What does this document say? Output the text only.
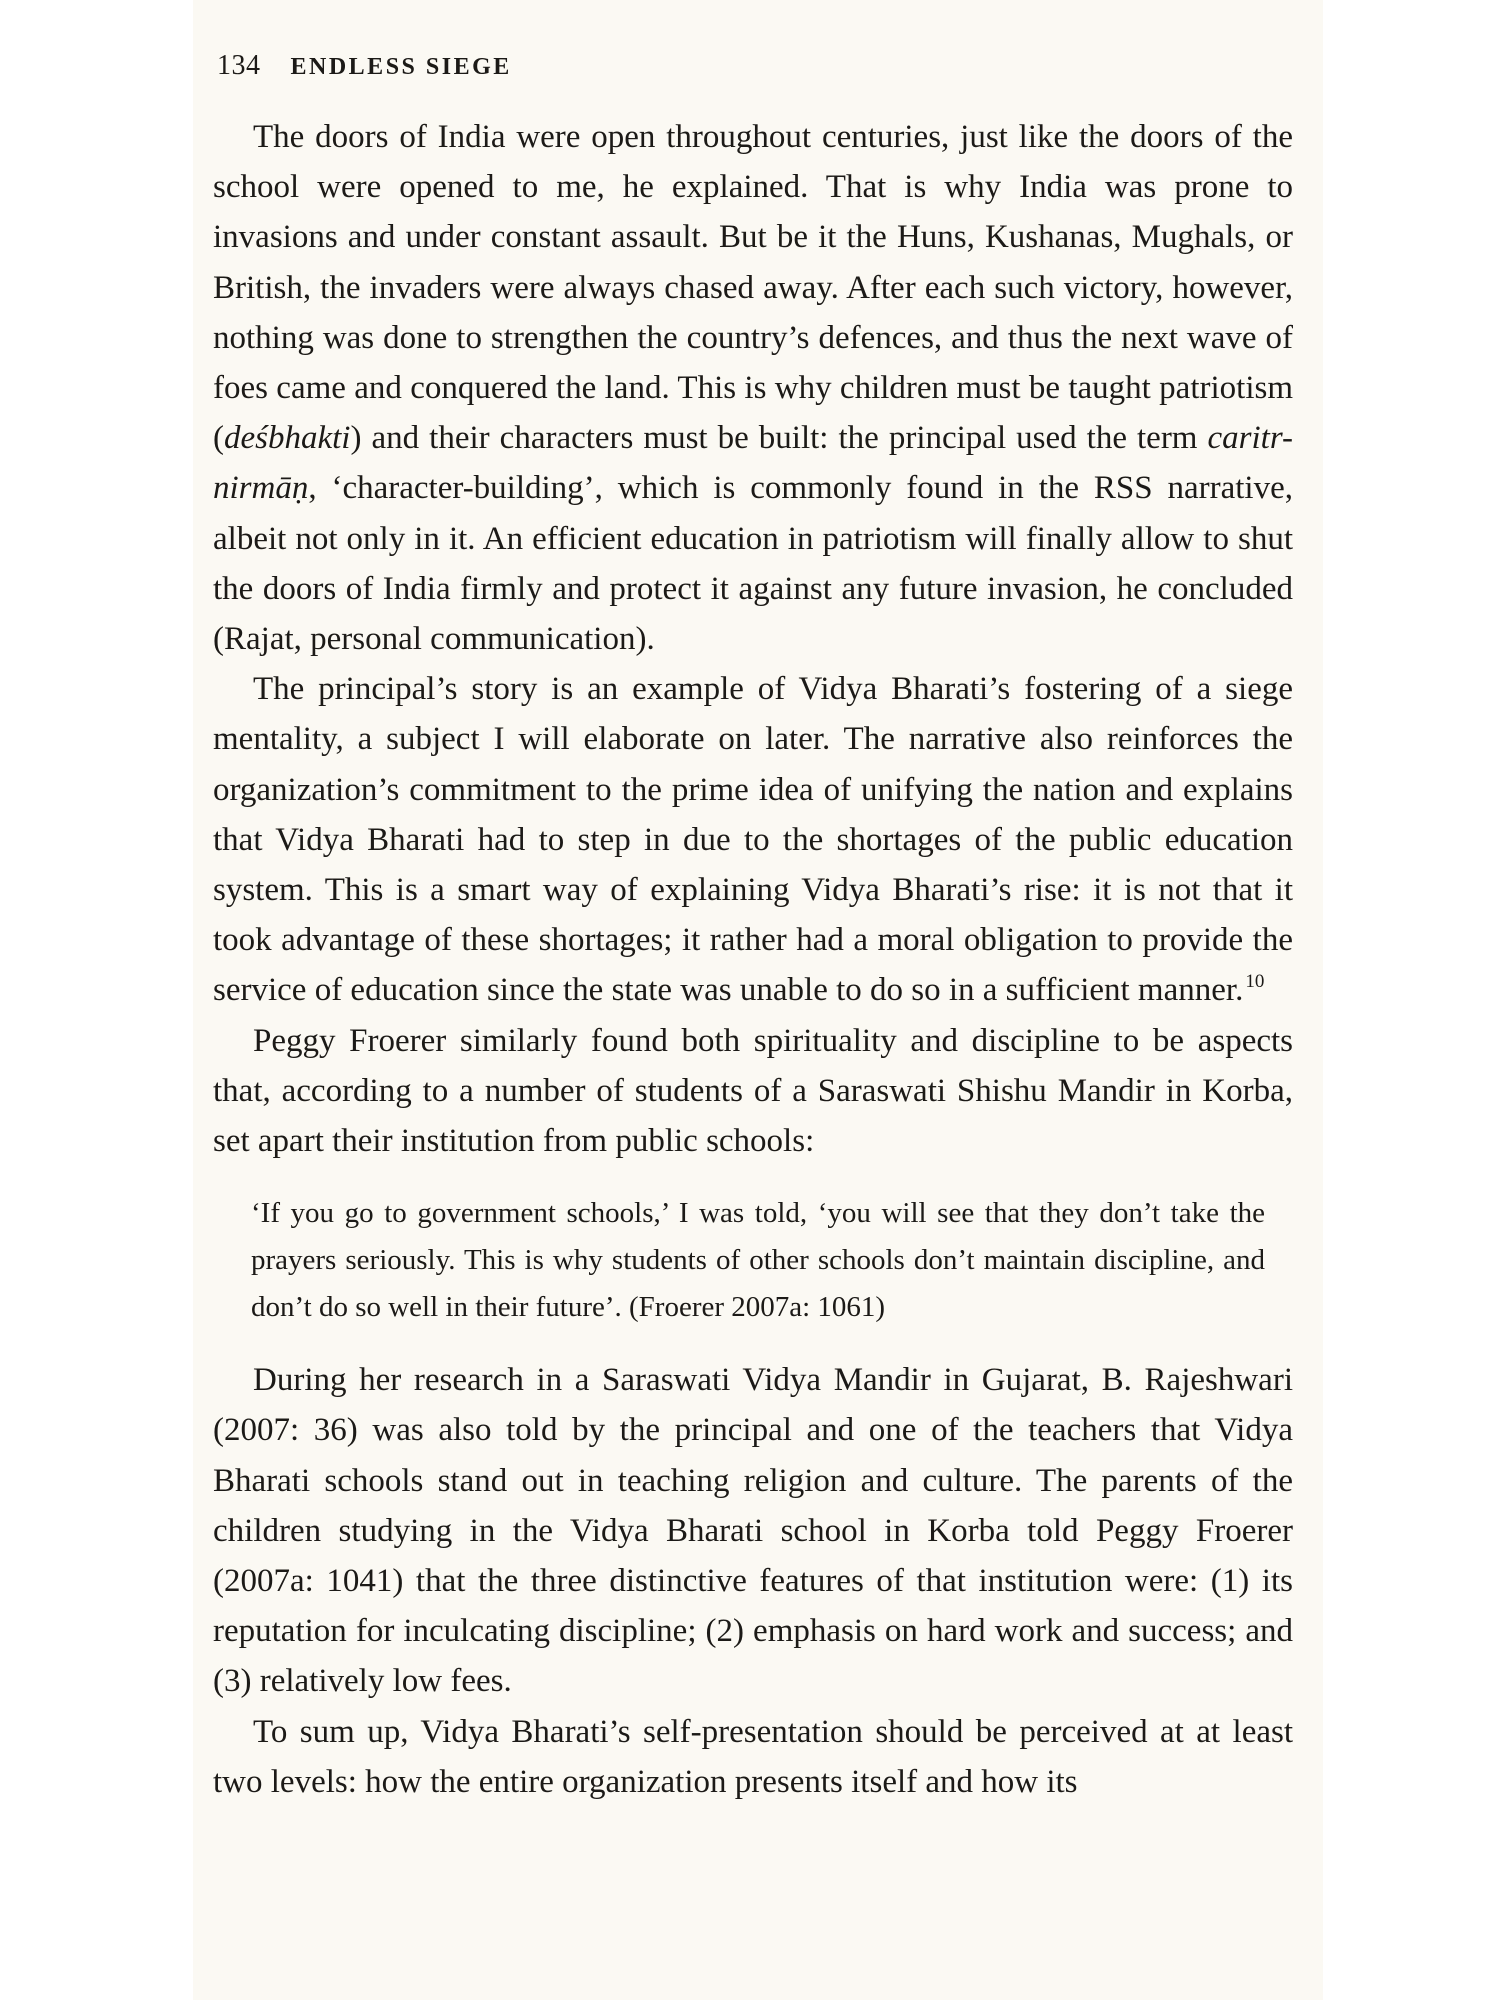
134 ENDLESS SIEGE

The doors of India were open throughout centuries, just like the doors of the school were opened to me, he explained. That is why India was prone to invasions and under constant assault. But be it the Huns, Kushanas, Mughals, or British, the invaders were always chased away. After each such victory, however, nothing was done to strengthen the country’s defences, and thus the next wave of foes came and conquered the land. This is why children must be taught patriotism (deśbhakti) and their characters must be built: the principal used the term caritr-nirmāṇ, ‘character-building’, which is commonly found in the RSS narrative, albeit not only in it. An efficient education in patriotism will finally allow to shut the doors of India firmly and protect it against any future invasion, he concluded (Rajat, personal communication).

The principal’s story is an example of Vidya Bharati’s fostering of a siege mentality, a subject I will elaborate on later. The narrative also reinforces the organization’s commitment to the prime idea of unifying the nation and explains that Vidya Bharati had to step in due to the shortages of the public education system. This is a smart way of explaining Vidya Bharati’s rise: it is not that it took advantage of these shortages; it rather had a moral obligation to provide the service of education since the state was unable to do so in a sufficient manner. $^{10}$

Peggy Froerer similarly found both spirituality and discipline to be aspects that, according to a number of students of a Saraswati Shishu Mandir in Korba, set apart their institution from public schools:

‘If you go to government schools,’ I was told, ‘you will see that they don’t take the prayers seriously. This is why students of other schools don’t maintain discipline, and don’t do so well in their future’. (Froerer 2007a: 1061)

During her research in a Saraswati Vidya Mandir in Gujarat, B. Rajeshwari (2007: 36) was also told by the principal and one of the teachers that Vidya Bharati schools stand out in teaching religion and culture. The parents of the children studying in the Vidya Bharati school in Korba told Peggy Froerer (2007a: 1041) that the three distinctive features of that institution were: (1) its reputation for inculcating discipline; (2) emphasis on hard work and success; and (3) relatively low fees.

To sum up, Vidya Bharati’s self-presentation should be perceived at at least two levels: how the entire organization presents itself and how its
